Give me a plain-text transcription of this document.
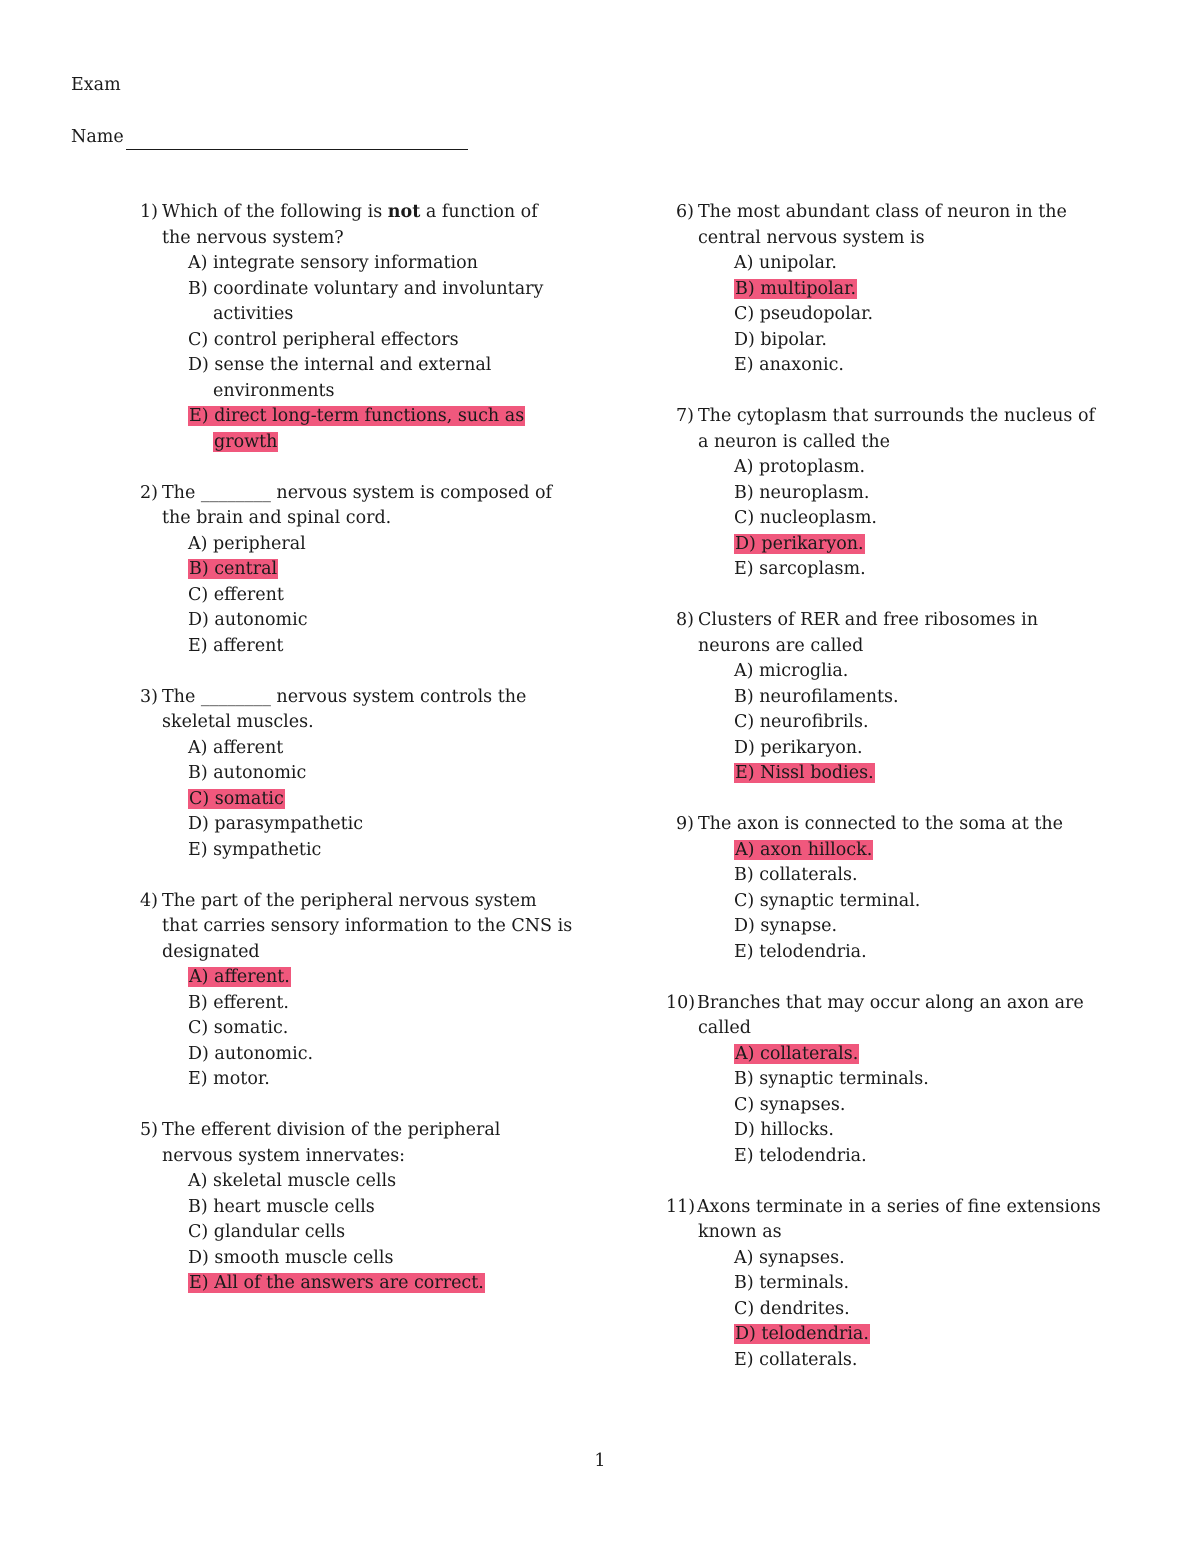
Exam
Name
1) Which of the following is not a function of
the nervous system?
A) integrate sensory information
B) coordinate voluntary and involuntary
activities
C) control peripheral effectors
D) sense the internal and external
environments
E) direct long-term functions, such as
growth
2) The ________ nervous system is composed of
the brain and spinal cord.
A) peripheral
B) central
C) efferent
D) autonomic
E) afferent
3) The ________ nervous system controls the
skeletal muscles.
A) afferent
B) autonomic
C) somatic
D) parasympathetic
E) sympathetic
4) The part of the peripheral nervous system
that carries sensory information to the CNS is
designated
A) afferent.
B) efferent.
C) somatic.
D) autonomic.
E) motor.
5) The efferent division of the peripheral
nervous system innervates:
A) skeletal muscle cells
B) heart muscle cells
C) glandular cells
D) smooth muscle cells
E) All of the answers are correct.
6) The most abundant class of neuron in the
central nervous system is
A) unipolar.
B) multipolar.
C) pseudopolar.
D) bipolar.
E) anaxonic.
7) The cytoplasm that surrounds the nucleus of
a neuron is called the
A) protoplasm.
B) neuroplasm.
C) nucleoplasm.
D) perikaryon.
E) sarcoplasm.
8) Clusters of RER and free ribosomes in
neurons are called
A) microglia.
B) neurofilaments.
C) neurofibrils.
D) perikaryon.
E) Nissl bodies.
9) The axon is connected to the soma at the
A) axon hillock.
B) collaterals.
C) synaptic terminal.
D) synapse.
E) telodendria.
10) Branches that may occur along an axon are
called
A) collaterals.
B) synaptic terminals.
C) synapses.
D) hillocks.
E) telodendria.
11) Axons terminate in a series of fine extensions
known as
A) synapses.
B) terminals.
C) dendrites.
D) telodendria.
E) collaterals.
1
